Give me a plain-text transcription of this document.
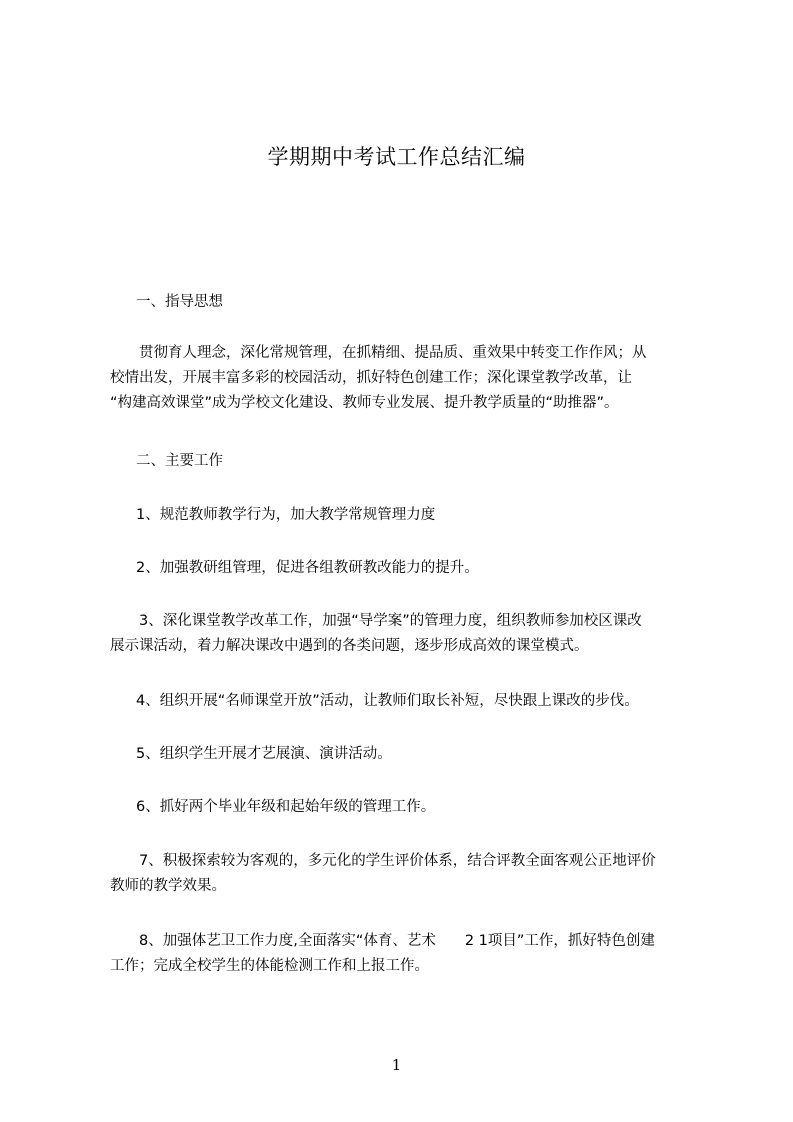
学期期中考试工作总结汇编
一、指导思想
贯彻育人理念，深化常规管理，在抓精细、提品质、重效果中转变工作作风；从
校情出发，开展丰富多彩的校园活动，抓好特色创建工作；深化课堂教学改革，让
“构建高效课堂”成为学校文化建设、教师专业发展、提升教学质量的“助推器”。
二、主要工作
1、规范教师教学行为，加大教学常规管理力度
2、加强教研组管理，促进各组教研教改能力的提升。
3、深化课堂教学改革工作，加强“导学案”的管理力度，组织教师参加校区课改
展示课活动，着力解决课改中遇到的各类问题，逐步形成高效的课堂模式。
4、组织开展“名师课堂开放”活动，让教师们取长补短，尽快跟上课改的步伐。
5、组织学生开展才艺展演、演讲活动。
6、抓好两个毕业年级和起始年级的管理工作。
7、积极探索较为客观的，多元化的学生评价体系，结合评教全面客观公正地评价
教师的教学效果。
8、加强体艺卫工作力度,全面落实“体育、艺术　　2 1项目”工作，抓好特色创建
工作；完成全校学生的体能检测工作和上报工作。
1
